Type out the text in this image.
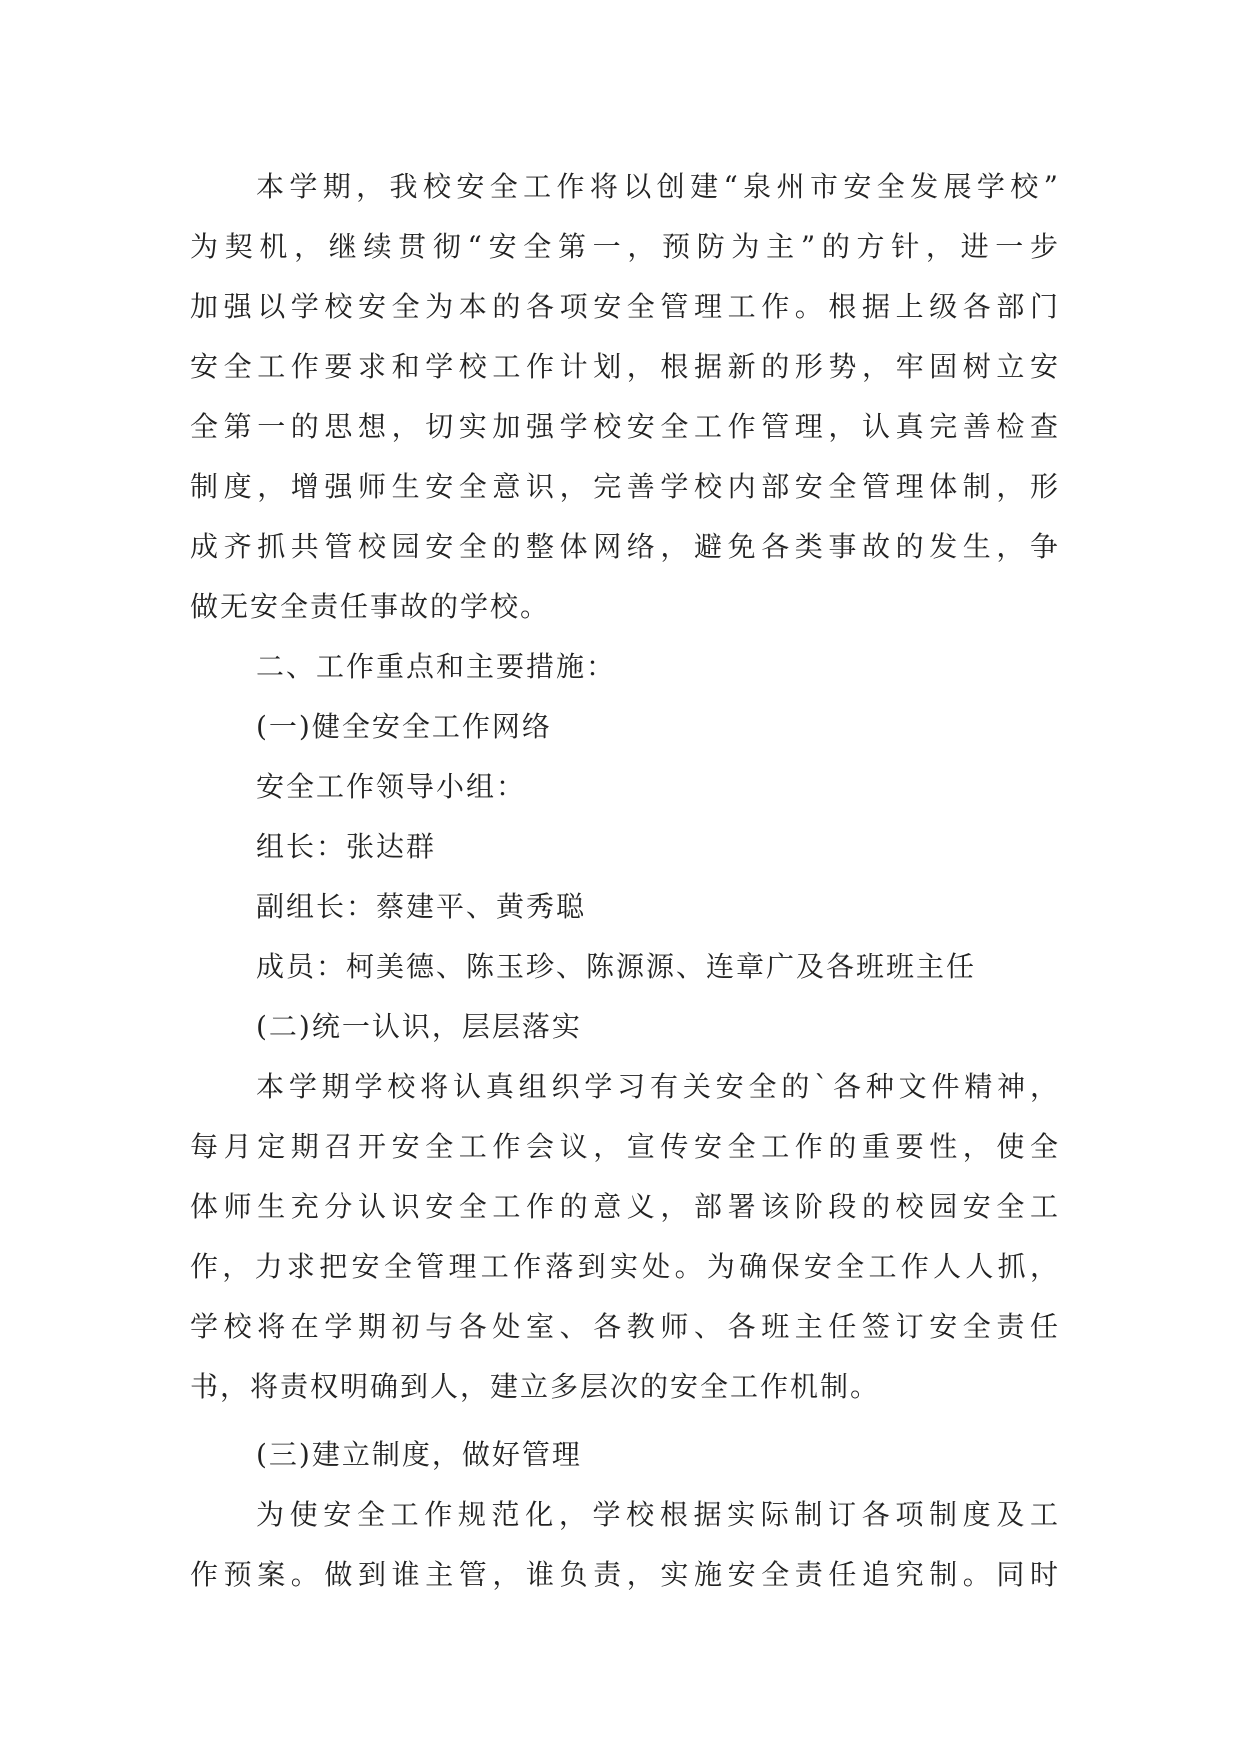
本学期，我校安全工作将以创建“泉州市安全发展学校”
为契机，继续贯彻“安全第一，预防为主”的方针，进一步
加强以学校安全为本的各项安全管理工作。根据上级各部门
安全工作要求和学校工作计划，根据新的形势，牢固树立安
全第一的思想，切实加强学校安全工作管理，认真完善检查
制度，增强师生安全意识，完善学校内部安全管理体制，形
成齐抓共管校园安全的整体网络，避免各类事故的发生，争
做无安全责任事故的学校。
二、工作重点和主要措施：
(一)健全安全工作网络
安全工作领导小组：
组长：张达群
副组长：蔡建平、黄秀聪
成员：柯美德、陈玉珍、陈源源、连章广及各班班主任
(二)统一认识，层层落实
本学期学校将认真组织学习有关安全的`各种文件精神，
每月定期召开安全工作会议，宣传安全工作的重要性，使全
体师生充分认识安全工作的意义，部署该阶段的校园安全工
作，力求把安全管理工作落到实处。为确保安全工作人人抓，
学校将在学期初与各处室、各教师、各班主任签订安全责任
书，将责权明确到人，建立多层次的安全工作机制。
(三)建立制度，做好管理
为使安全工作规范化，学校根据实际制订各项制度及工
作预案。做到谁主管，谁负责，实施安全责任追究制。同时
